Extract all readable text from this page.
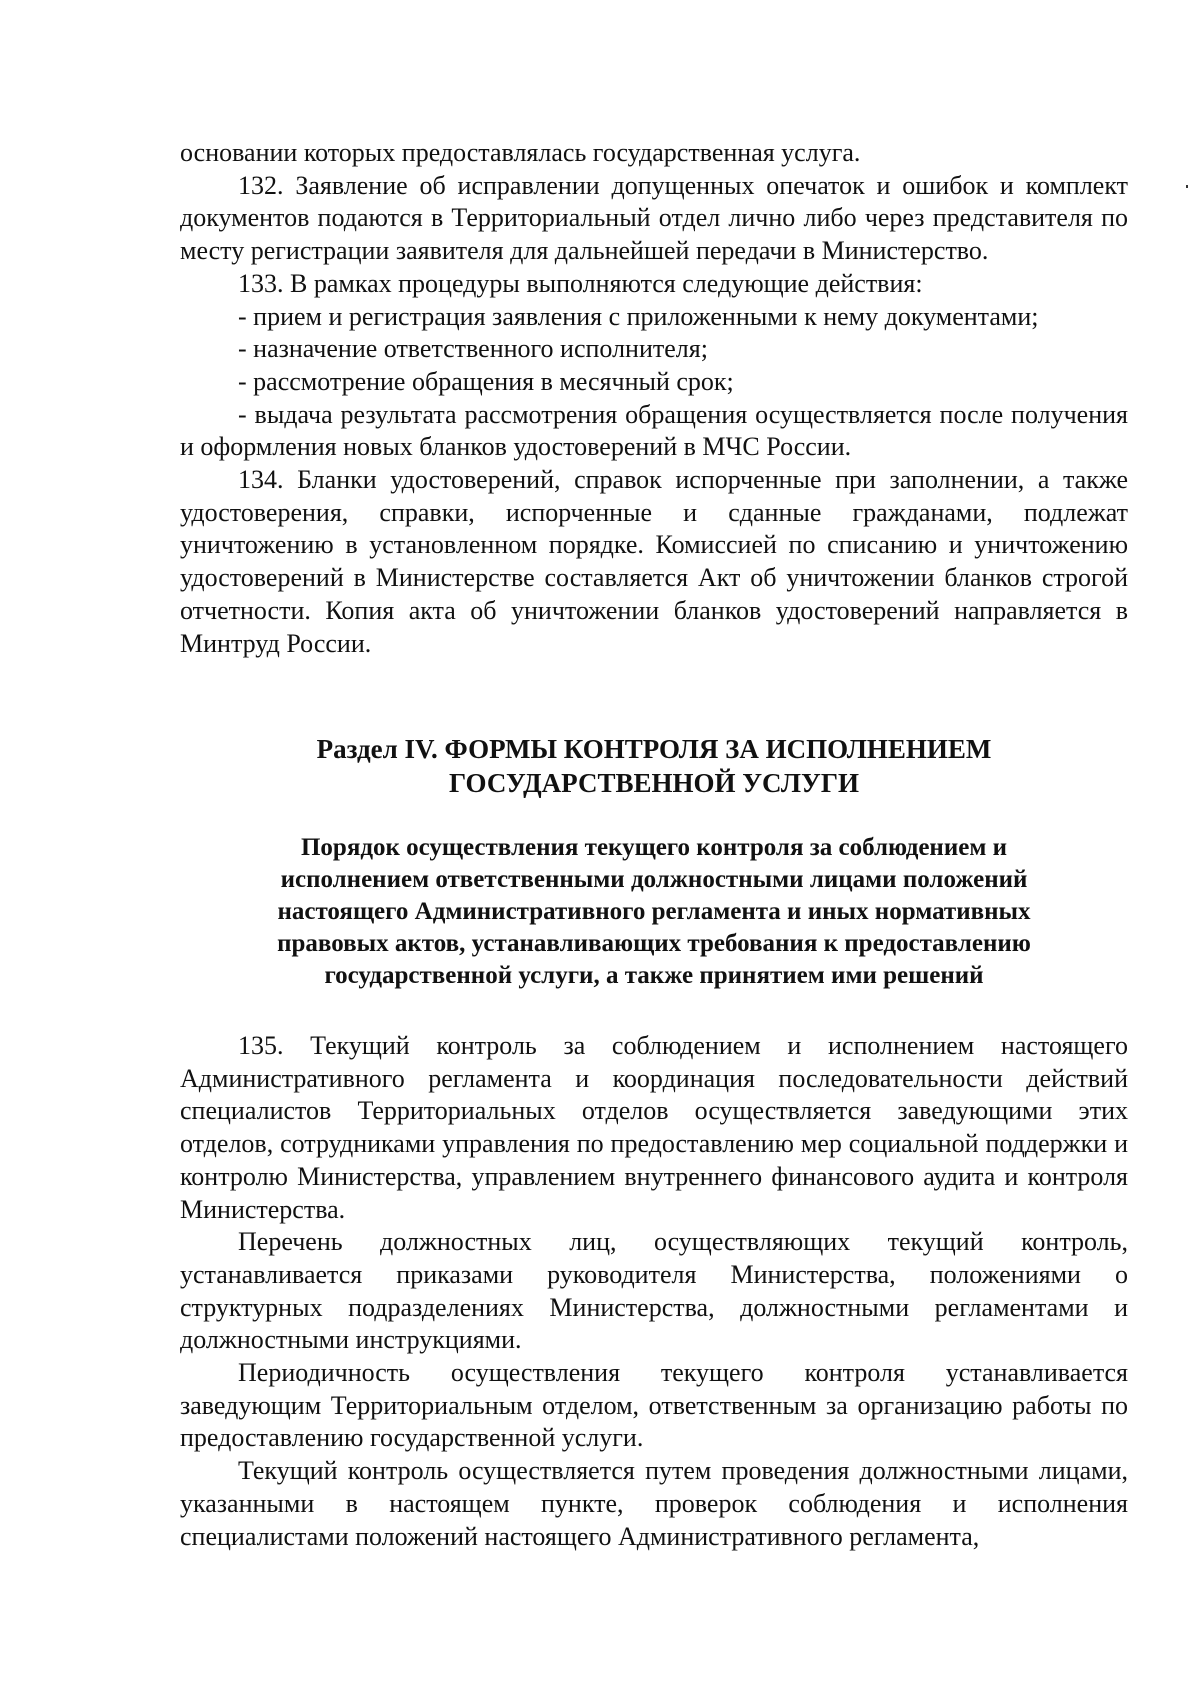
основании которых предоставлялась государственная услуга.

132. Заявление об исправлении допущенных опечаток и ошибок и комплект документов подаются в Территориальный отдел лично либо через представителя по месту регистрации заявителя для дальнейшей передачи в Министерство.

133. В рамках процедуры выполняются следующие действия:

- прием и регистрация заявления с приложенными к нему документами;

- назначение ответственного исполнителя;

- рассмотрение обращения в месячный срок;

- выдача результата рассмотрения обращения осуществляется после получения и оформления новых бланков удостоверений в МЧС России.

134. Бланки удостоверений, справок испорченные при заполнении, а также удостоверения, справки, испорченные и сданные гражданами, подлежат уничтожению в установленном порядке. Комиссией по списанию и уничтожению удостоверений в Министерстве составляется Акт об уничтожении бланков строгой отчетности. Копия акта об уничтожении бланков удостоверений направляется в Минтруд России.

Раздел IV. ФОРМЫ КОНТРОЛЯ ЗА ИСПОЛНЕНИЕМ
ГОСУДАРСТВЕННОЙ УСЛУГИ
Порядок осуществления текущего контроля за соблюдением и
исполнением ответственными должностными лицами положений
настоящего Административного регламента и иных нормативных
правовых актов, устанавливающих требования к предоставлению
государственной услуги, а также принятием ими решений

135. Текущий контроль за соблюдением и исполнением настоящего Административного регламента и координация последовательности действий специалистов Территориальных отделов осуществляется заведующими этих отделов, сотрудниками управления по предоставлению мер социальной поддержки и контролю Министерства, управлением внутреннего финансового аудита и контроля Министерства.

Перечень должностных лиц, осуществляющих текущий контроль, устанавливается приказами руководителя Министерства, положениями о структурных подразделениях Министерства, должностными регламентами и должностными инструкциями.

Периодичность осуществления текущего контроля устанавливается заведующим Территориальным отделом, ответственным за организацию работы по предоставлению государственной услуги.

Текущий контроль осуществляется путем проведения должностными лицами, указанными в настоящем пункте, проверок соблюдения и исполнения специалистами положений настоящего Административного регламента,
